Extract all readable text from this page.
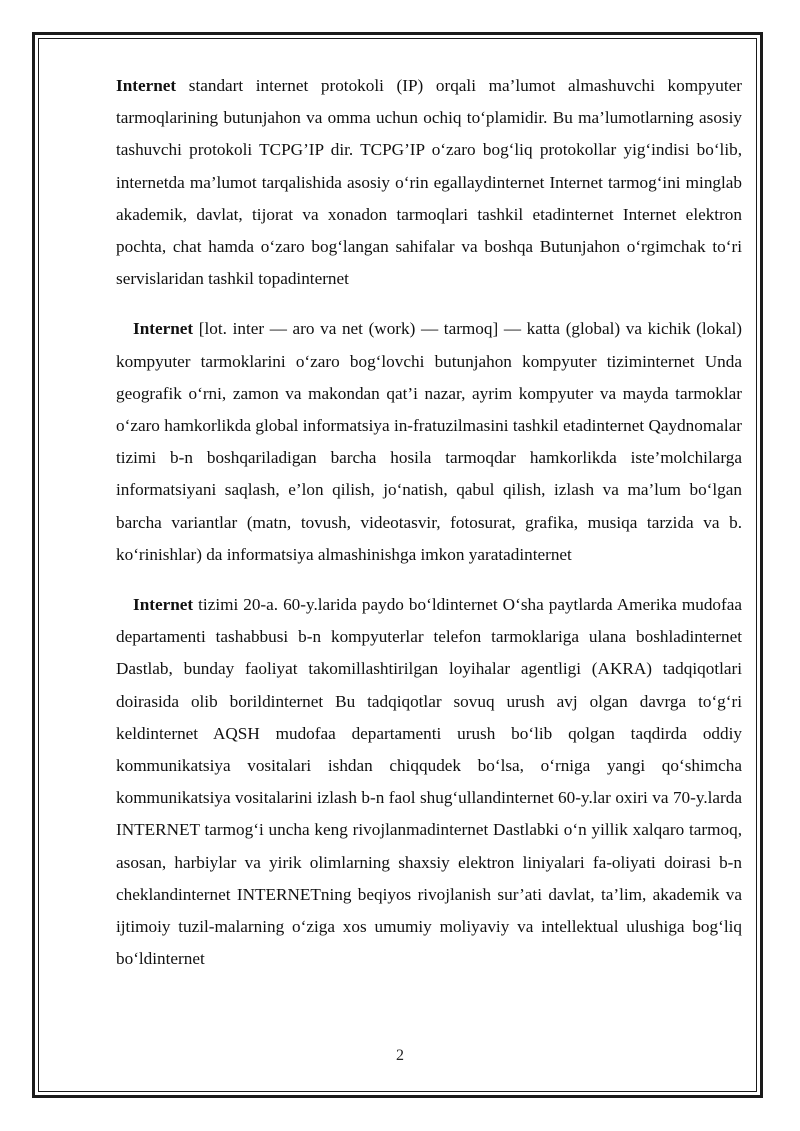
Internet standart internet protokoli (IP) orqali ma’lumot almashuvchi kompyuter tarmoqlarining butunjahon va omma uchun ochiq to‘plamidir. Bu ma’lumotlarning asosiy tashuvchi protokoli TCPG’IP dir. TCPG’IP o‘zaro bog‘liq protokollar yig‘indisi bo‘lib, internetda ma’lumot tarqalishida asosiy o‘rin egallaydinternet Internet tarmog‘ini minglab akademik, davlat, tijorat va xonadon tarmoqlari tashkil etadinternet Internet elektron pochta, chat hamda o‘zaro bog‘langan sahifalar va boshqa Butunjahon o‘rgimchak to‘ri servislaridan tashkil topadinternet

Internet [lot. inter — aro va net (work) — tarmoq] — katta (global) va kichik (lokal) kompyuter tarmoklarini o‘zaro bog‘lovchi butunjahon kompyuter tiziminternet Unda geografik o‘rni, zamon va makondan qat’i nazar, ayrim kompyuter va mayda tarmoklar o‘zaro hamkorlikda global informatsiya in-fratuzilmasini tashkil etadinternet Qaydnomalar tizimi b-n boshqariladigan barcha hosila tarmoqdar hamkorlikda iste’molchilarga informatsiyani saqlash, e’lon qilish, jo‘natish, qabul qilish, izlash va ma’lum bo‘lgan barcha variantlar (matn, tovush, videotasvir, fotosurat, grafika, musiqa tarzida va b. ko‘rinishlar) da informatsiya almashinishga imkon yaratadinternet

Internet tizimi 20-a. 60-y.larida paydo bo‘ldinternet O‘sha paytlarda Amerika mudofaa departamenti tashabbusi b-n kompyuterlar telefon tarmoklariga ulana boshladinternet Dastlab, bunday faoliyat takomillashtirilgan loyihalar agentligi (AKRA) tadqiqotlari doirasida olib borildinternet Bu tadqiqotlar sovuq urush avj olgan davrga to‘g‘ri keldinternet AQSH mudofaa departamenti urush bo‘lib qolgan taqdirda oddiy kommunikatsiya vositalari ishdan chiqqudek bo‘lsa, o‘rniga yangi qo‘shimcha kommunikatsiya vositalarini izlash b-n faol shug‘ullandinternet 60-y.lar oxiri va 70-y.larda INTERNET tarmog‘i uncha keng rivojlanmadinternet Dastlabki o‘n yillik xalqaro tarmoq, asosan, harbiylar va yirik olimlarning shaxsiy elektron liniyalari fa-oliyati doirasi b-n cheklandinternet INTERNETning beqiyos rivojlanish sur’ati davlat, ta’lim, akademik va ijtimoiy tuzil-malarning o‘ziga xos umumiy moliyaviy va intellektual ulushiga bog‘liq bo‘ldinternet

2
